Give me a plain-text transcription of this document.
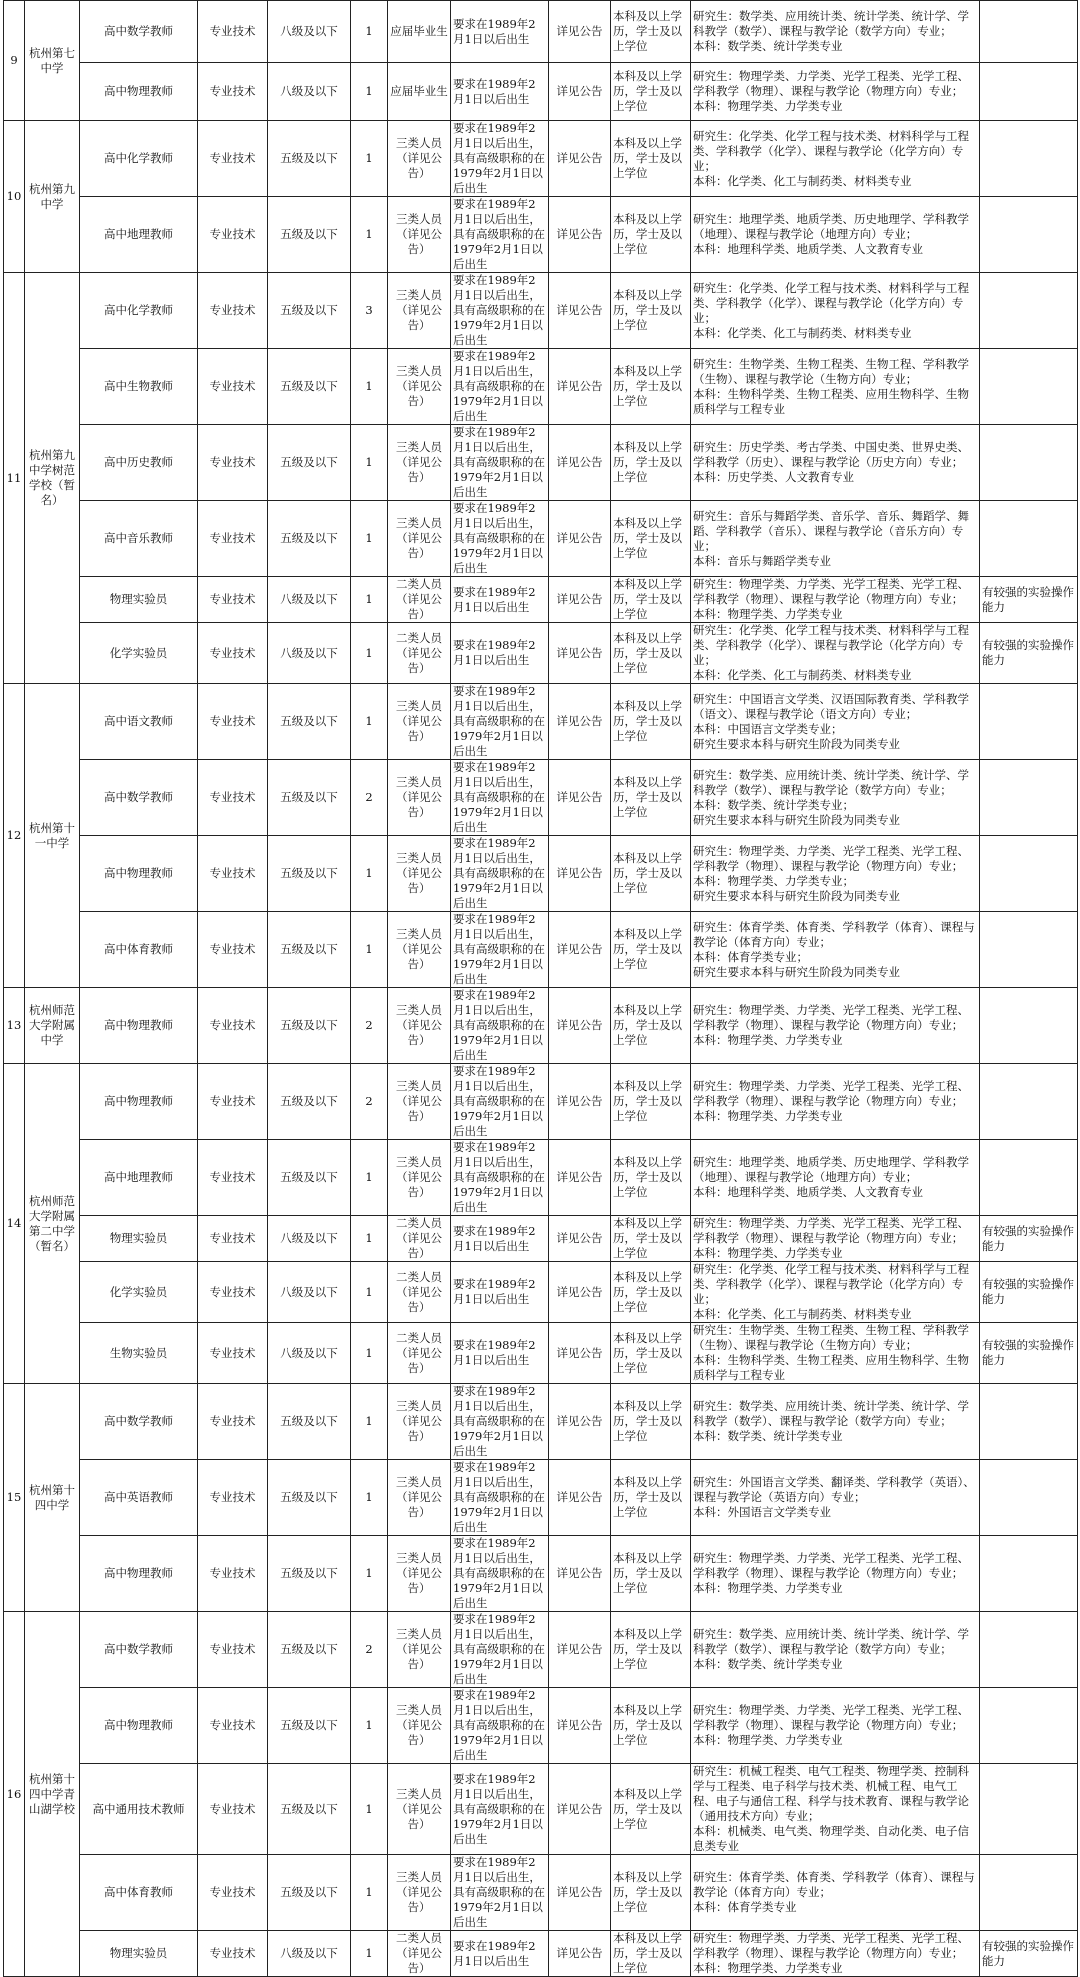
9	杭州第七中学	高中数学教师	专业技术	八级及以下	1	应届毕业生	要求在1989年2月1日以后出生	详见公告	本科及以上学历，学士及以上学位	研究生：数学类、应用统计类、统计学类、统计学、学科教学（数学）、课程与教学论（数学方向）专业；
本科：数学类、统计学类专业	
		高中物理教师	专业技术	八级及以下	1	应届毕业生	要求在1989年2月1日以后出生	详见公告	本科及以上学历，学士及以上学位	研究生：物理学类、力学类、光学工程类、光学工程、学科教学（物理）、课程与教学论（物理方向）专业；
本科：物理学类、力学类专业	
10	杭州第九中学	高中化学教师	专业技术	五级及以下	1	三类人员（详见公告）	要求在1989年2月1日以后出生，具有高级职称的在1979年2月1日以后出生	详见公告	本科及以上学历，学士及以上学位	研究生：化学类、化学工程与技术类、材料科学与工程类、学科教学（化学）、课程与教学论（化学方向）专业；
本科：化学类、化工与制药类、材料类专业	
		高中地理教师	专业技术	五级及以下	1	三类人员（详见公告）	要求在1989年2月1日以后出生，具有高级职称的在1979年2月1日以后出生	详见公告	本科及以上学历，学士及以上学位	研究生：地理学类、地质学类、历史地理学、学科教学（地理）、课程与教学论（地理方向）专业；
本科：地理科学类、地质学类、人文教育专业	
11	杭州第九中学树范学校（暂名）	高中化学教师	专业技术	五级及以下	3	三类人员（详见公告）	要求在1989年2月1日以后出生，具有高级职称的在1979年2月1日以后出生	详见公告	本科及以上学历，学士及以上学位	研究生：化学类、化学工程与技术类、材料科学与工程类、学科教学（化学）、课程与教学论（化学方向）专业；
本科：化学类、化工与制药类、材料类专业	
		高中生物教师	专业技术	五级及以下	1	三类人员（详见公告）	要求在1989年2月1日以后出生，具有高级职称的在1979年2月1日以后出生	详见公告	本科及以上学历，学士及以上学位	研究生：生物学类、生物工程类、生物工程、学科教学（生物）、课程与教学论（生物方向）专业；
本科：生物科学类、生物工程类、应用生物科学、生物质科学与工程专业	
		高中历史教师	专业技术	五级及以下	1	三类人员（详见公告）	要求在1989年2月1日以后出生，具有高级职称的在1979年2月1日以后出生	详见公告	本科及以上学历，学士及以上学位	研究生：历史学类、考古学类、中国史类、世界史类、学科教学（历史）、课程与教学论（历史方向）专业；
本科：历史学类、人文教育专业	
		高中音乐教师	专业技术	五级及以下	1	三类人员（详见公告）	要求在1989年2月1日以后出生，具有高级职称的在1979年2月1日以后出生	详见公告	本科及以上学历，学士及以上学位	研究生：音乐与舞蹈学类、音乐学、音乐、舞蹈学、舞蹈、学科教学（音乐）、课程与教学论（音乐方向）专业；
本科：音乐与舞蹈学类专业	
		物理实验员	专业技术	八级及以下	1	二类人员（详见公告）	要求在1989年2月1日以后出生	详见公告	本科及以上学历，学士及以上学位	研究生：物理学类、力学类、光学工程类、光学工程、学科教学（物理）、课程与教学论（物理方向）专业；
本科：物理学类、力学类专业	有较强的实验操作能力
		化学实验员	专业技术	八级及以下	1	二类人员（详见公告）	要求在1989年2月1日以后出生	详见公告	本科及以上学历，学士及以上学位	研究生：化学类、化学工程与技术类、材料科学与工程类、学科教学（化学）、课程与教学论（化学方向）专业；
本科：化学类、化工与制药类、材料类专业	有较强的实验操作能力
12	杭州第十一中学	高中语文教师	专业技术	五级及以下	1	三类人员（详见公告）	要求在1989年2月1日以后出生，具有高级职称的在1979年2月1日以后出生	详见公告	本科及以上学历，学士及以上学位	研究生：中国语言文学类、汉语国际教育类、学科教学（语文）、课程与教学论（语文方向）专业；
本科：中国语言文学类专业；
研究生要求本科与研究生阶段为同类专业	
		高中数学教师	专业技术	五级及以下	2	三类人员（详见公告）	要求在1989年2月1日以后出生，具有高级职称的在1979年2月1日以后出生	详见公告	本科及以上学历，学士及以上学位	研究生：数学类、应用统计类、统计学类、统计学、学科教学（数学）、课程与教学论（数学方向）专业；
本科：数学类、统计学类专业；
研究生要求本科与研究生阶段为同类专业	
		高中物理教师	专业技术	五级及以下	1	三类人员（详见公告）	要求在1989年2月1日以后出生，具有高级职称的在1979年2月1日以后出生	详见公告	本科及以上学历，学士及以上学位	研究生：物理学类、力学类、光学工程类、光学工程、学科教学（物理）、课程与教学论（物理方向）专业；
本科：物理学类、力学类专业；
研究生要求本科与研究生阶段为同类专业	
		高中体育教师	专业技术	五级及以下	1	三类人员（详见公告）	要求在1989年2月1日以后出生，具有高级职称的在1979年2月1日以后出生	详见公告	本科及以上学历，学士及以上学位	研究生：体育学类、体育类、学科教学（体育）、课程与教学论（体育方向）专业；
本科：体育学类专业；
研究生要求本科与研究生阶段为同类专业	
13	杭州师范大学附属中学	高中物理教师	专业技术	五级及以下	2	三类人员（详见公告）	要求在1989年2月1日以后出生，具有高级职称的在1979年2月1日以后出生	详见公告	本科及以上学历，学士及以上学位	研究生：物理学类、力学类、光学工程类、光学工程、学科教学（物理）、课程与教学论（物理方向）专业；
本科：物理学类、力学类专业	
14	杭州师范大学附属第二中学（暂名）	高中物理教师	专业技术	五级及以下	2	三类人员（详见公告）	要求在1989年2月1日以后出生，具有高级职称的在1979年2月1日以后出生	详见公告	本科及以上学历，学士及以上学位	研究生：物理学类、力学类、光学工程类、光学工程、学科教学（物理）、课程与教学论（物理方向）专业；
本科：物理学类、力学类专业	
		高中地理教师	专业技术	五级及以下	1	三类人员（详见公告）	要求在1989年2月1日以后出生，具有高级职称的在1979年2月1日以后出生	详见公告	本科及以上学历，学士及以上学位	研究生：地理学类、地质学类、历史地理学、学科教学（地理）、课程与教学论（地理方向）专业；
本科：地理科学类、地质学类、人文教育专业	
		物理实验员	专业技术	八级及以下	1	二类人员（详见公告）	要求在1989年2月1日以后出生	详见公告	本科及以上学历，学士及以上学位	研究生：物理学类、力学类、光学工程类、光学工程、学科教学（物理）、课程与教学论（物理方向）专业；
本科：物理学类、力学类专业	有较强的实验操作能力
		化学实验员	专业技术	八级及以下	1	二类人员（详见公告）	要求在1989年2月1日以后出生	详见公告	本科及以上学历，学士及以上学位	研究生：化学类、化学工程与技术类、材料科学与工程类、学科教学（化学）、课程与教学论（化学方向）专业；
本科：化学类、化工与制药类、材料类专业	有较强的实验操作能力
		生物实验员	专业技术	八级及以下	1	二类人员（详见公告）	要求在1989年2月1日以后出生	详见公告	本科及以上学历，学士及以上学位	研究生：生物学类、生物工程类、生物工程、学科教学（生物）、课程与教学论（生物方向）专业；
本科：生物科学类、生物工程类、应用生物科学、生物质科学与工程专业	有较强的实验操作能力
15	杭州第十四中学	高中数学教师	专业技术	五级及以下	1	三类人员（详见公告）	要求在1989年2月1日以后出生，具有高级职称的在1979年2月1日以后出生	详见公告	本科及以上学历，学士及以上学位	研究生：数学类、应用统计类、统计学类、统计学、学科教学（数学）、课程与教学论（数学方向）专业；
本科：数学类、统计学类专业	
		高中英语教师	专业技术	五级及以下	1	三类人员（详见公告）	要求在1989年2月1日以后出生，具有高级职称的在1979年2月1日以后出生	详见公告	本科及以上学历，学士及以上学位	研究生：外国语言文学类、翻译类、学科教学（英语）、课程与教学论（英语方向）专业；
本科：外国语言文学类专业	
		高中物理教师	专业技术	五级及以下	1	三类人员（详见公告）	要求在1989年2月1日以后出生，具有高级职称的在1979年2月1日以后出生	详见公告	本科及以上学历，学士及以上学位	研究生：物理学类、力学类、光学工程类、光学工程、学科教学（物理）、课程与教学论（物理方向）专业；
本科：物理学类、力学类专业	
16	杭州第十四中学青山湖学校	高中数学教师	专业技术	五级及以下	2	三类人员（详见公告）	要求在1989年2月1日以后出生，具有高级职称的在1979年2月1日以后出生	详见公告	本科及以上学历，学士及以上学位	研究生：数学类、应用统计类、统计学类、统计学、学科教学（数学）、课程与教学论（数学方向）专业；
本科：数学类、统计学类专业	
		高中物理教师	专业技术	五级及以下	1	三类人员（详见公告）	要求在1989年2月1日以后出生，具有高级职称的在1979年2月1日以后出生	详见公告	本科及以上学历，学士及以上学位	研究生：物理学类、力学类、光学工程类、光学工程、学科教学（物理）、课程与教学论（物理方向）专业；
本科：物理学类、力学类专业	
		高中通用技术教师	专业技术	五级及以下	1	三类人员（详见公告）	要求在1989年2月1日以后出生，具有高级职称的在1979年2月1日以后出生	详见公告	本科及以上学历，学士及以上学位	研究生：机械工程类、电气工程类、物理学类、控制科学与工程类、电子科学与技术类、机械工程、电气工程、电子与通信工程、科学与技术教育、课程与教学论（通用技术方向）专业；
本科：机械类、电气类、物理学类、自动化类、电子信息类专业	
		高中体育教师	专业技术	五级及以下	1	三类人员（详见公告）	要求在1989年2月1日以后出生，具有高级职称的在1979年2月1日以后出生	详见公告	本科及以上学历，学士及以上学位	研究生：体育学类、体育类、学科教学（体育）、课程与教学论（体育方向）专业；
本科：体育学类专业	
		物理实验员	专业技术	八级及以下	1	二类人员（详见公告）	要求在1989年2月1日以后出生	详见公告	本科及以上学历，学士及以上学位	研究生：物理学类、力学类、光学工程类、光学工程、学科教学（物理）、课程与教学论（物理方向）专业；
本科：物理学类、力学类专业	有较强的实验操作能力
